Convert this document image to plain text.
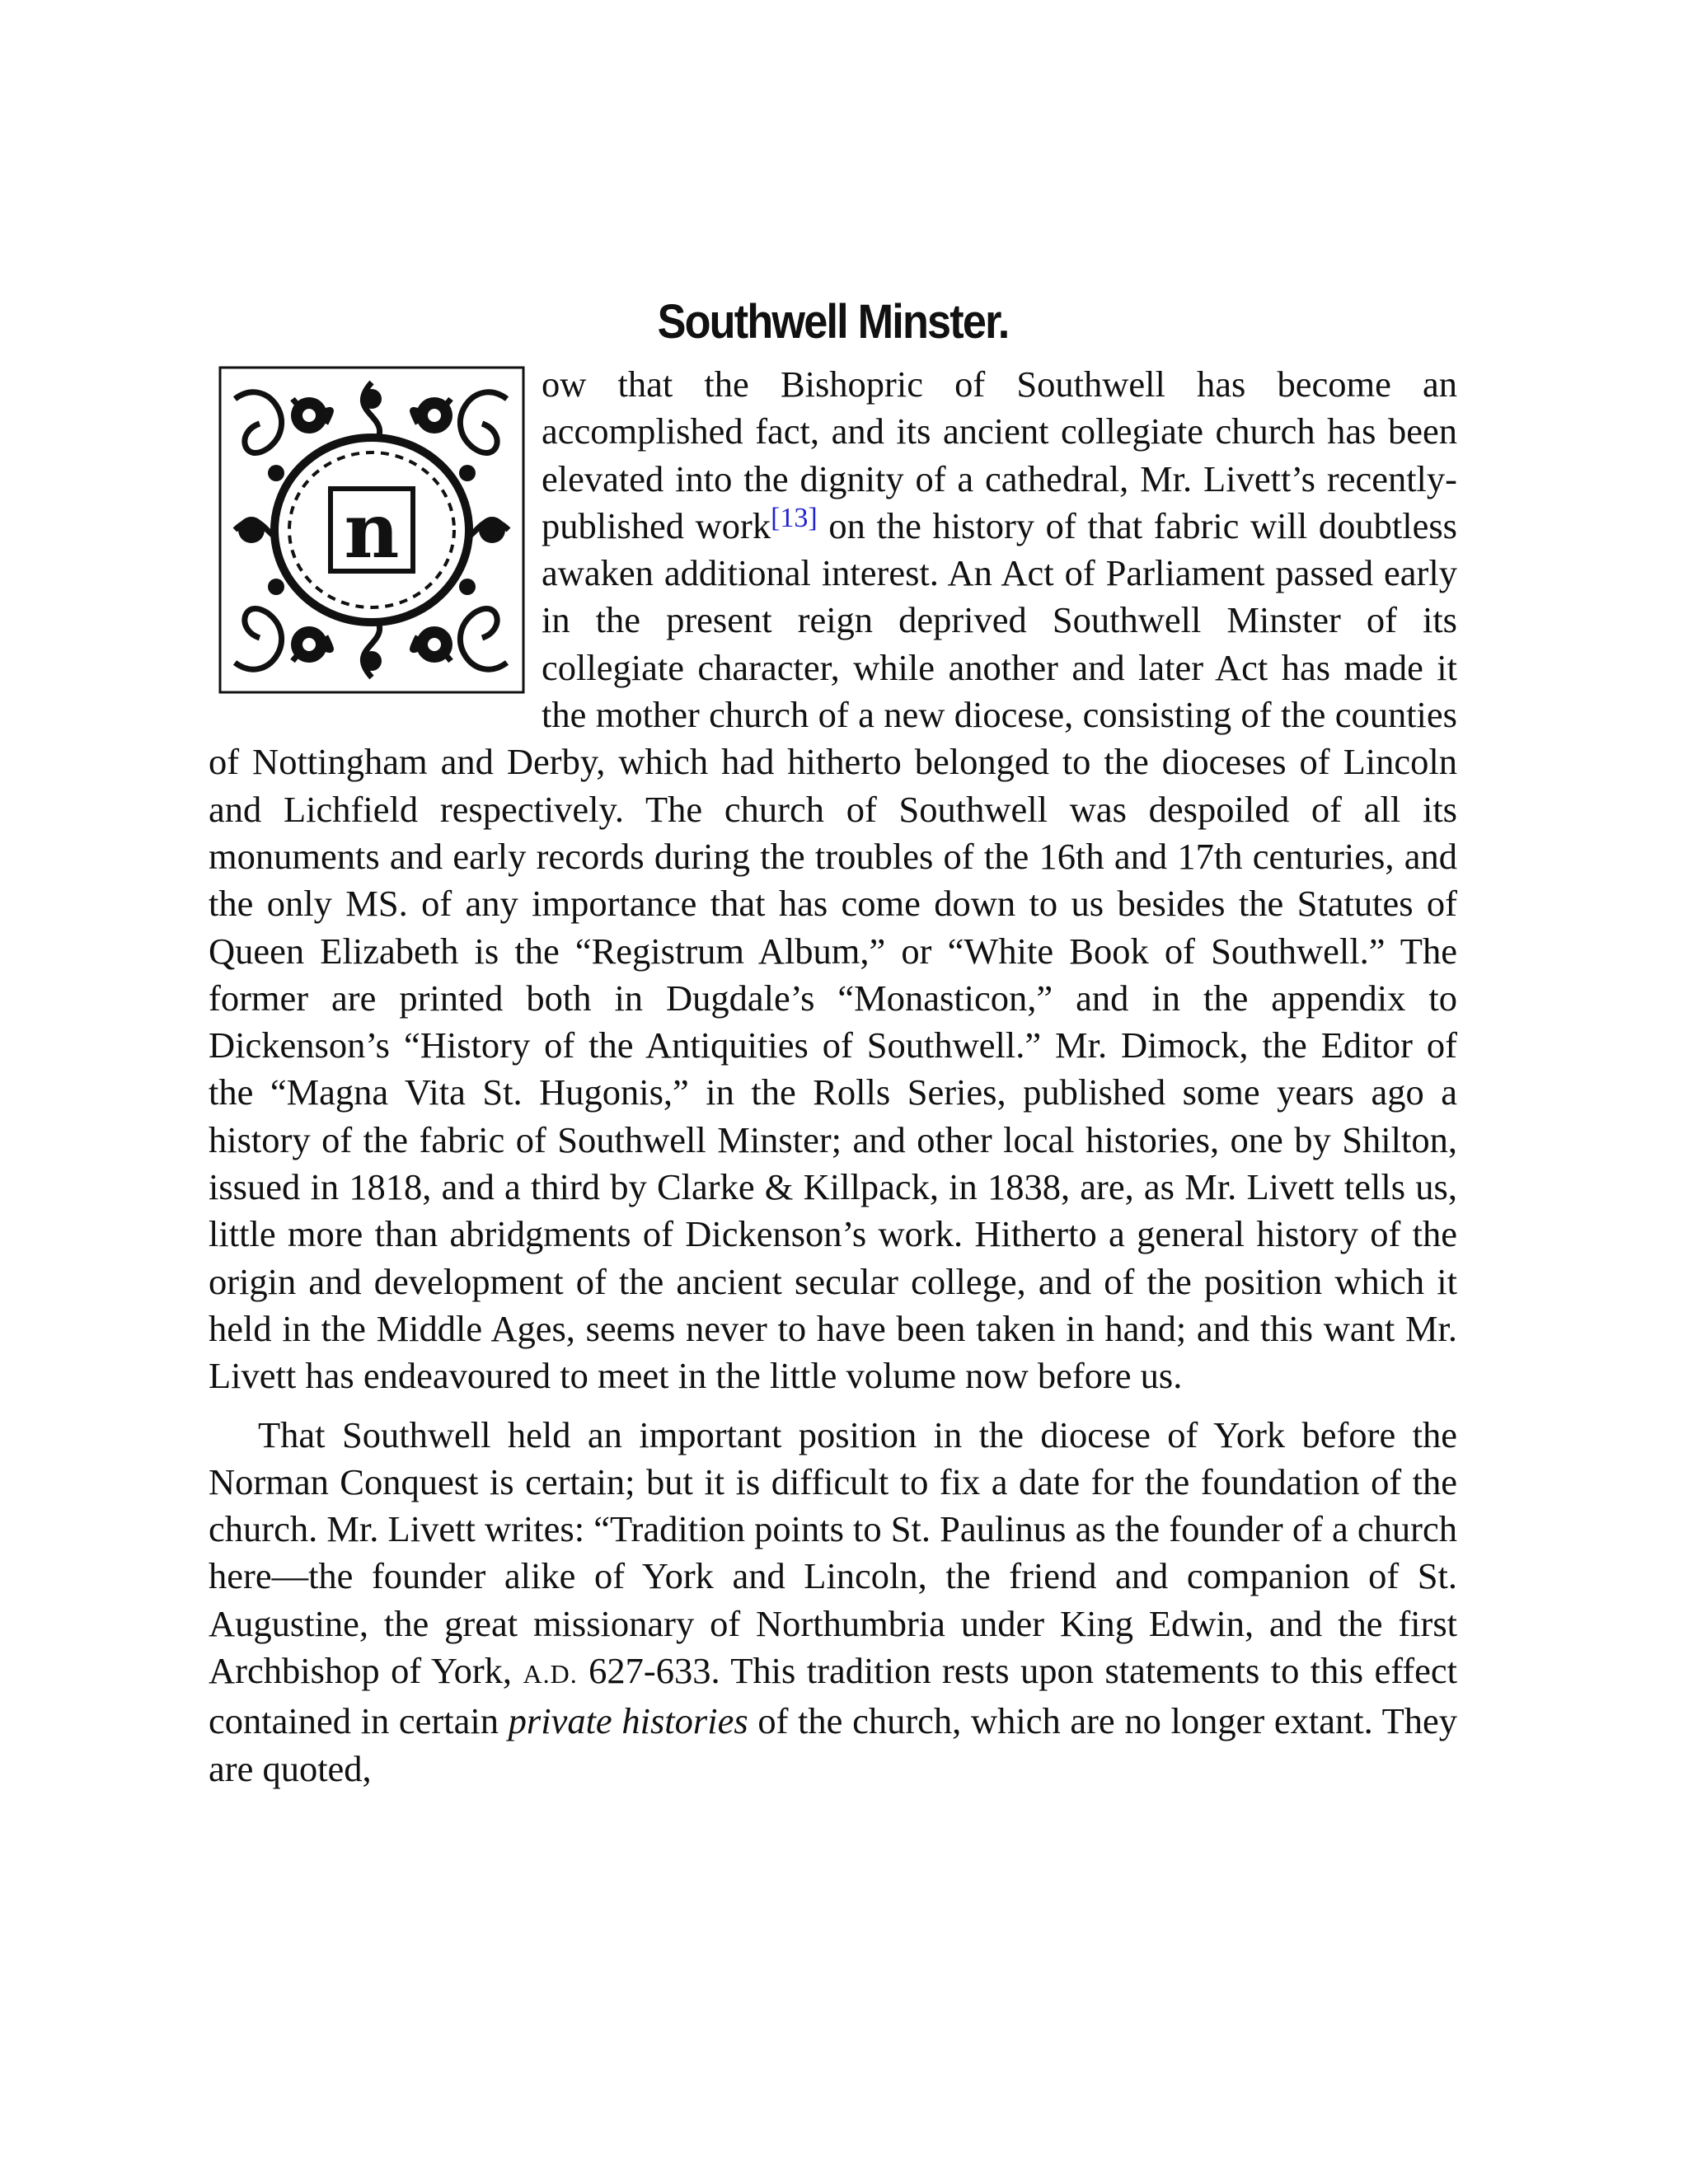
Southwell Minster.
n

ow that the Bishopric of Southwell has become an accomplished fact, and its ancient collegiate church has been elevated into the dignity of a cathedral, Mr. Livett’s recently-published work[13] on the history of that fabric will doubtless awaken additional interest. An Act of Parliament passed early in the present reign deprived Southwell Minster of its collegiate character, while another and later Act has made it the mother church of a new diocese, consisting of the counties of Nottingham and Derby, which had hitherto belonged to the dioceses of Lincoln and Lichfield respectively. The church of Southwell was despoiled of all its monuments and early records during the troubles of the 16th and 17th centuries, and the only MS. of any importance that has come down to us besides the Statutes of Queen Elizabeth is the “Registrum Album,” or “White Book of Southwell.” The former are printed both in Dugdale’s “Monasticon,” and in the appendix to Dickenson’s “History of the Antiquities of Southwell.” Mr. Dimock, the Editor of the “Magna Vita St. Hugonis,” in the Rolls Series, published some years ago a history of the fabric of Southwell Minster; and other local histories, one by Shilton, issued in 1818, and a third by Clarke & Killpack, in 1838, are, as Mr. Livett tells us, little more than abridgments of Dickenson’s work. Hitherto a general history of the origin and development of the ancient secular college, and of the position which it held in the Middle Ages, seems never to have been taken in hand; and this want Mr. Livett has endeavoured to meet in the little volume now before us.

That Southwell held an important position in the diocese of York before the Norman Conquest is certain; but it is difficult to fix a date for the foundation of the church. Mr. Livett writes: “Tradition points to St. Paulinus as the founder of a church here—the founder alike of York and Lincoln, the friend and companion of St. Augustine, the great missionary of Northumbria under King Edwin, and the first Archbishop of York, A.D. 627-633. This tradition rests upon statements to this effect contained in certain private histories of the church, which are no longer extant. They are quoted,
